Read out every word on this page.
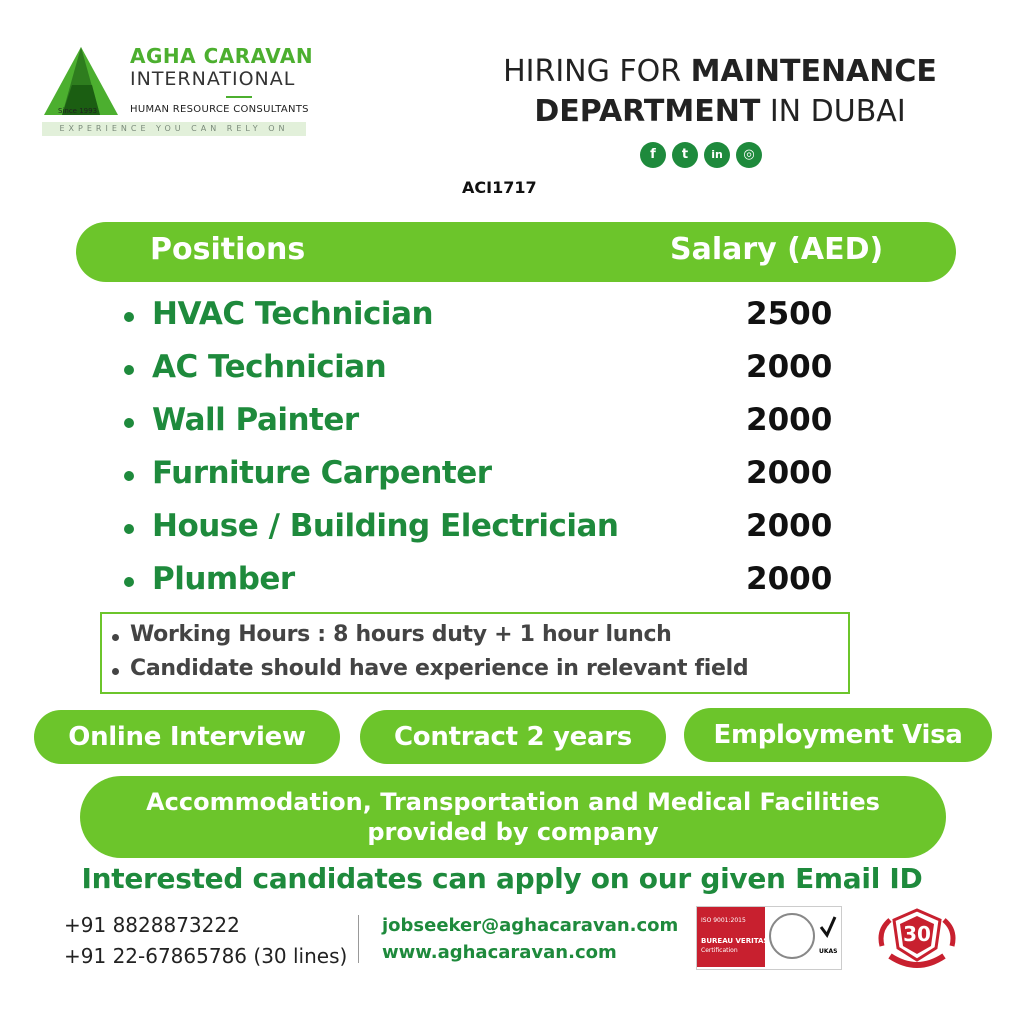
AGHA CARAVAN
INTERNATIONAL
Since 1993	HUMAN RESOURCE CONSULTANTS
EXPERIENCE YOU CAN RELY ON
HIRING FOR MAINTENANCE
DEPARTMENT IN DUBAI
f	t	in	◎
ACI1717
Positions	Salary (AED)
HVAC Technician	2500
AC Technician	2000
Wall Painter	2000
Furniture Carpenter	2000
House / Building Electrician	2000
Plumber	2000
Working Hours : 8 hours duty + 1 hour lunch
Candidate should have experience in relevant field
Online Interview	Contract 2 years	Employment Visa
Accommodation, Transportation and Medical Facilities
provided by company
Interested candidates can apply on our given Email ID
+91 8828873222
+91 22-67865786 (30 lines)
jobseeker@aghacaravan.com
www.aghacaravan.com
ISO 9001:2015
BUREAU VERITAS
Certification	UKAS
30
